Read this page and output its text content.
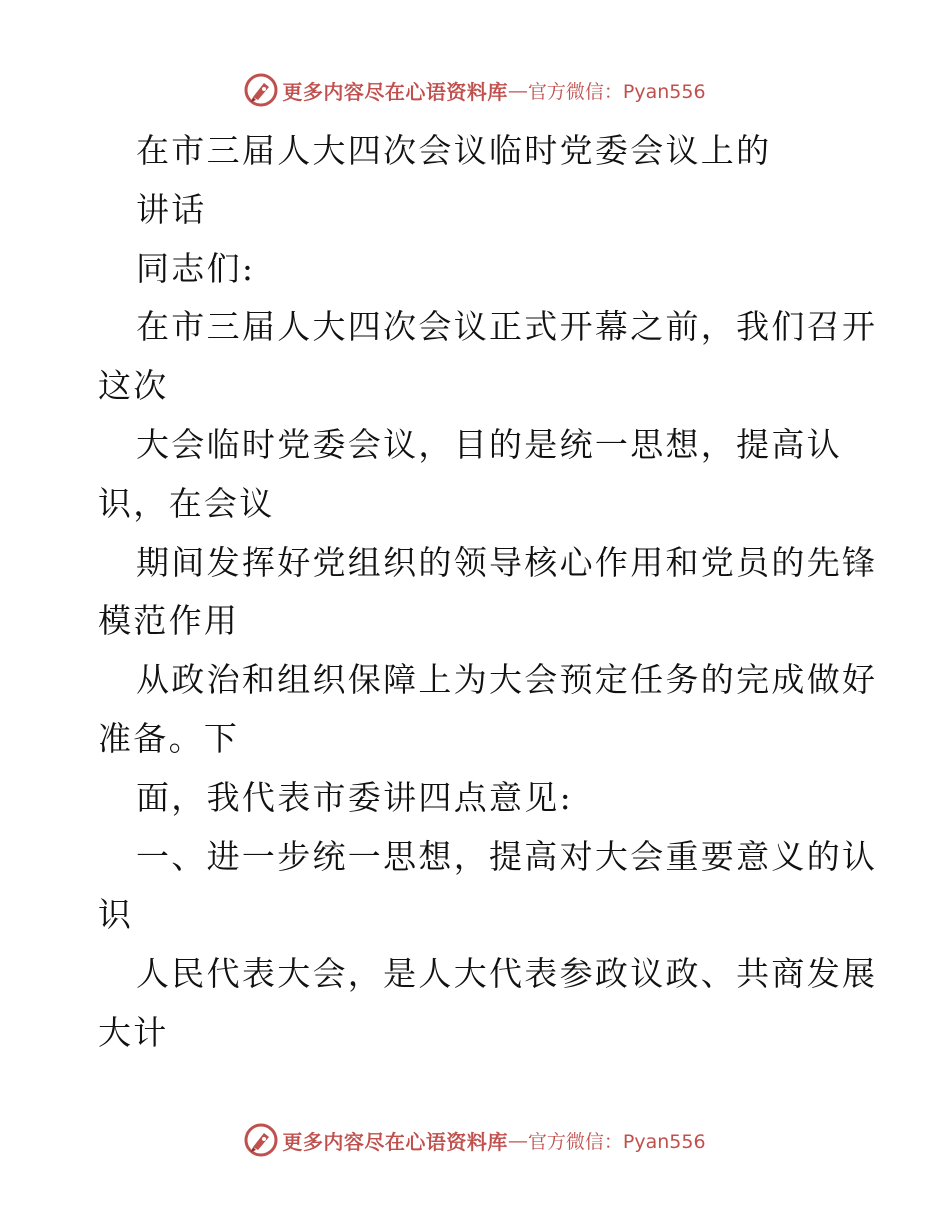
更多内容尽在心语资料库 — 官方微信：Pyan556
在市三届人大四次会议临时党委会议上的
讲话
同志们:
在市三届人大四次会议正式开幕之前，我们召开
这次
大会临时党委会议，目的是统一思想，提高认
识，在会议
期间发挥好党组织的领导核心作用和党员的先锋
模范作用
从政治和组织保障上为大会预定任务的完成做好
准备。下
面，我代表市委讲四点意见:
一、进一步统一思想，提高对大会重要意义的认
识
人民代表大会，是人大代表参政议政、共商发展
大计
更多内容尽在心语资料库 — 官方微信：Pyan556
